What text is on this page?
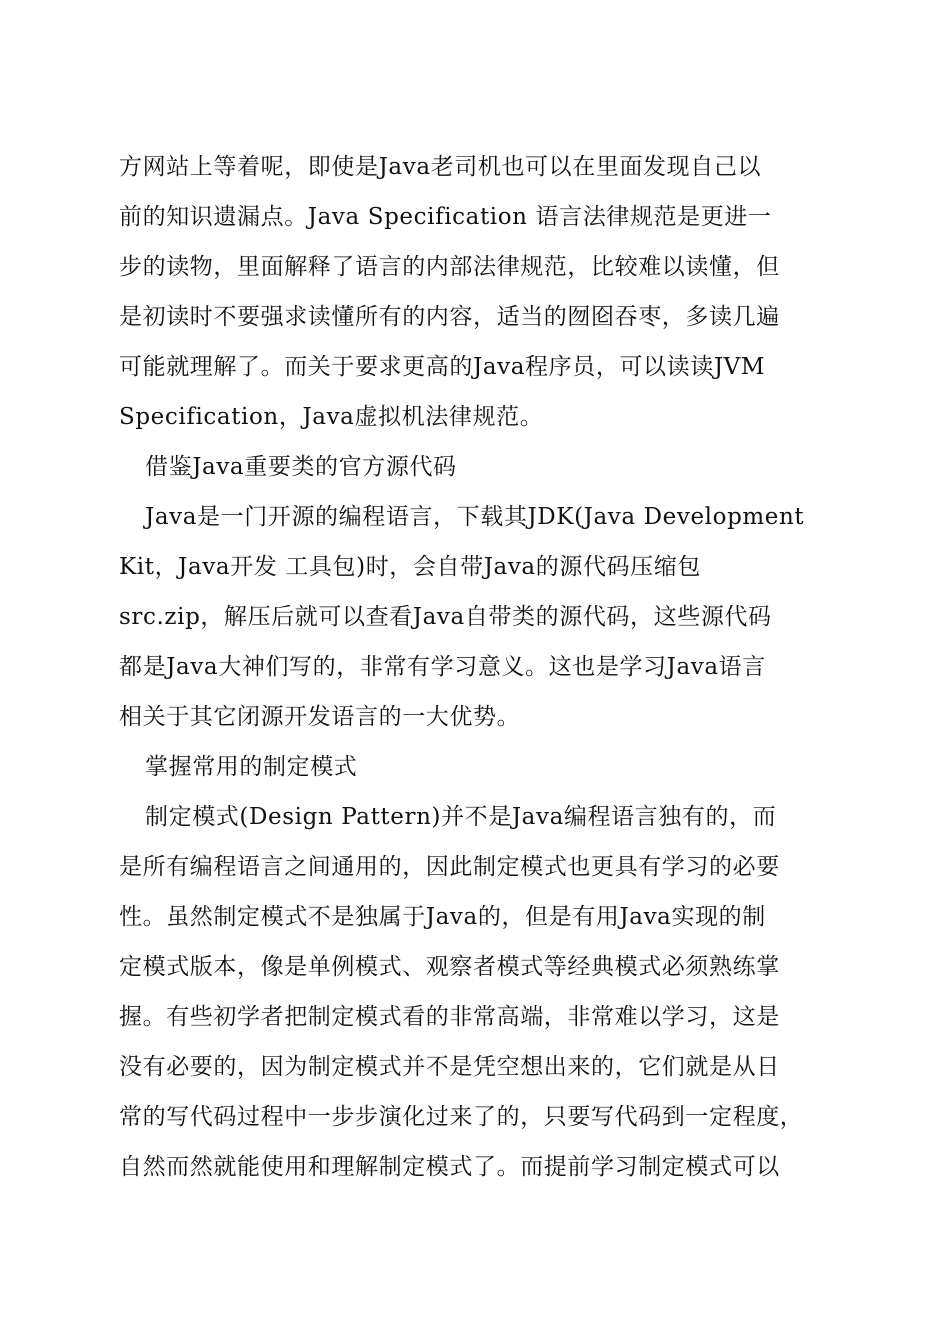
方网站上等着呢，即使是Java老司机也可以在里面发现自己以

前的知识遗漏点。Java Specification 语言法律规范是更进一

步的读物，里面解释了语言的内部法律规范，比较难以读懂，但

是初读时不要强求读懂所有的内容，适当的囫囵吞枣，多读几遍

可能就理解了。而关于要求更高的Java程序员，可以读读JVM

Specification，Java虚拟机法律规范。

借鉴Java重要类的官方源代码

Java是一门开源的编程语言，下载其JDK(Java Development

Kit，Java开发 工具包)时，会自带Java的源代码压缩包

src.zip，解压后就可以查看Java自带类的源代码，这些源代码

都是Java大神们写的，非常有学习意义。这也是学习Java语言

相关于其它闭源开发语言的一大优势。

掌握常用的制定模式

制定模式(Design Pattern)并不是Java编程语言独有的，而

是所有编程语言之间通用的，因此制定模式也更具有学习的必要

性。虽然制定模式不是独属于Java的，但是有用Java实现的制

定模式版本，像是单例模式、观察者模式等经典模式必须熟练掌

握。有些初学者把制定模式看的非常高端，非常难以学习，这是

没有必要的，因为制定模式并不是凭空想出来的，它们就是从日

常的写代码过程中一步步演化过来了的，只要写代码到一定程度，

自然而然就能使用和理解制定模式了。而提前学习制定模式可以
